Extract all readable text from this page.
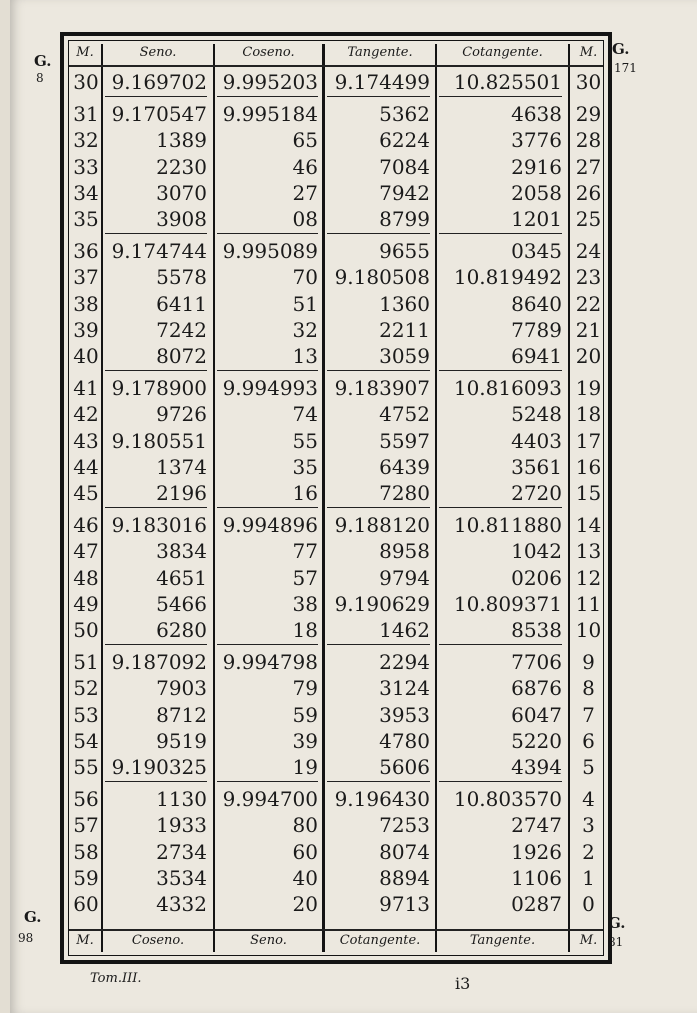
G.
8
G.
171
G.
98
G.
81
M.	Seno.	Coseno.	Tangente.	Cotangente.	M.
30 9.169702 9.995203 9.174499	10.825501 30
31 9.170547 9.995184	5362	4638 29
32	1389	65	6224	3776 28
33	2230	46	7084	2916 27
34	3070	27	7942	2058 26
35	3908	08	8799	1201 25
36 9.174744 9.995089	9655	0345 24
37	5578	70 9.180508	10.819492 23
38	6411	51	1360	8640 22
39	7242	32	2211	7789 21
40	8072	13	3059	6941 20
41 9.178900 9.994993 9.183907	10.816093 19
42	9726	74	4752	5248 18
43 9.180551	55	5597	4403 17
44	1374	35	6439	3561 16
45	2196	16	7280	2720 15
46 9.183016 9.994896 9.188120	10.811880 14
47	3834	77	8958	1042 13
48	4651	57	9794	0206 12
49	5466	38 9.190629	10.809371 11
50	6280	18	1462	8538 10
51 9.187092 9.994798	2294	7706	9
52	7903	79	3124	6876	8
53	8712	59	3953	6047	7
54	9519	39	4780	5220	6
55 9.190325	19	5606	4394	5
56	1130 9.994700 9.196430	10.803570	4
57	1933	80	7253	2747	3
58	2734	60	8074	1926	2
59	3534	40	8894	1106	1
60	4332	20	9713	0287	0
M.	Coseno.	Seno.	Cotangente.	Tangente.	M.
Tom.III.	i3
